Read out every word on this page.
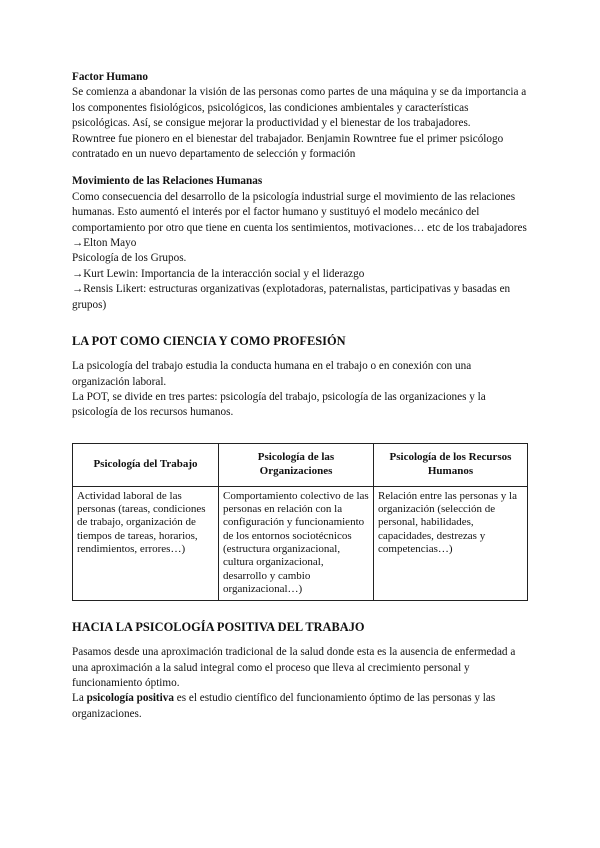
Factor Humano

Se comienza a abandonar la visión de las personas como partes de una máquina y se da importancia a los componentes fisiológicos, psicológicos, las condiciones ambientales y características psicológicas. Así, se consigue mejorar la productividad y el bienestar de los trabajadores.

Rowntree fue pionero en el bienestar del trabajador. Benjamin Rowntree fue el primer psicólogo contratado en un nuevo departamento de selección y formación

Movimiento de las Relaciones Humanas

Como consecuencia del desarrollo de la psicología industrial surge el movimiento de las relaciones humanas. Esto aumentó el interés por el factor humano y sustituyó el modelo mecánico del comportamiento por otro que tiene en cuenta los sentimientos, motivaciones… etc de los trabajadores

→Elton Mayo

Psicología de los Grupos.

→Kurt Lewin: Importancia de la interacción social y el liderazgo

→Rensis Likert: estructuras organizativas (explotadoras, paternalistas, participativas y basadas en grupos)

LA POT COMO CIENCIA Y COMO PROFESIÓN

La psicología del trabajo estudia la conducta humana en el trabajo o en conexión con una organización laboral.

La POT, se divide en tres partes: psicología del trabajo, psicología de las organizaciones y la psicología de los recursos humanos.

Psicología del Trabajo	Psicología de las Organizaciones	Psicología de los Recursos Humanos
Actividad laboral de las personas (tareas, condiciones de trabajo, organización de tiempos de tareas, horarios, rendimientos, errores…)	Comportamiento colectivo de las personas en relación con la configuración y funcionamiento de los entornos sociotécnicos (estructura organizacional, cultura organizacional, desarrollo y cambio organizacional…)	Relación entre las personas y la organización (selección de personal, habilidades, capacidades, destrezas y competencias…)
HACIA LA PSICOLOGÍA POSITIVA DEL TRABAJO

Pasamos desde una aproximación tradicional de la salud donde esta es la ausencia de enfermedad a una aproximación a la salud integral como el proceso que lleva al crecimiento personal y funcionamiento óptimo.

La psicología positiva es el estudio científico del funcionamiento óptimo de las personas y las organizaciones.
